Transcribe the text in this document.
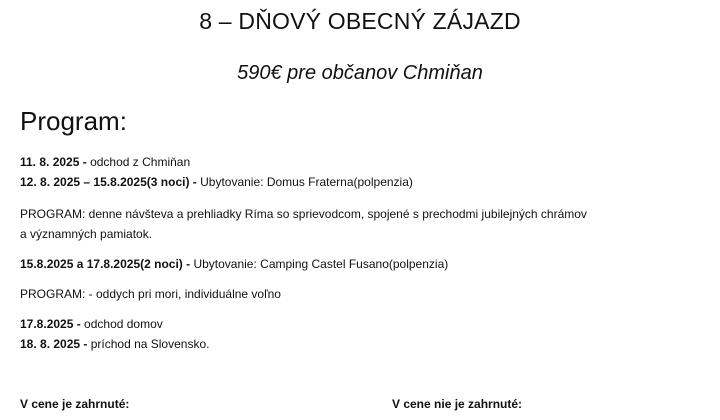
8 – DŇOVÝ OBECNÝ ZÁJAZD
590€ pre občanov Chmiňan
Program:
11. 8. 2025 - odchod z Chmiňan
12. 8. 2025 – 15.8.2025(3 noci) - Ubytovanie: Domus Fraterna(polpenzia)
PROGRAM: denne návšteva a prehliadky Ríma so sprievodcom, spojené s prechodmi jubilejných chrámov
a významných pamiatok.
15.8.2025 a 17.8.2025(2 noci) - Ubytovanie: Camping Castel Fusano(polpenzia)
PROGRAM: - oddych pri mori, individuálne voľno
17.8.2025 - odchod domov
18. 8. 2025 - príchod na Slovensko.
V cene je zahrnuté:	V cene nie je zahrnuté:
